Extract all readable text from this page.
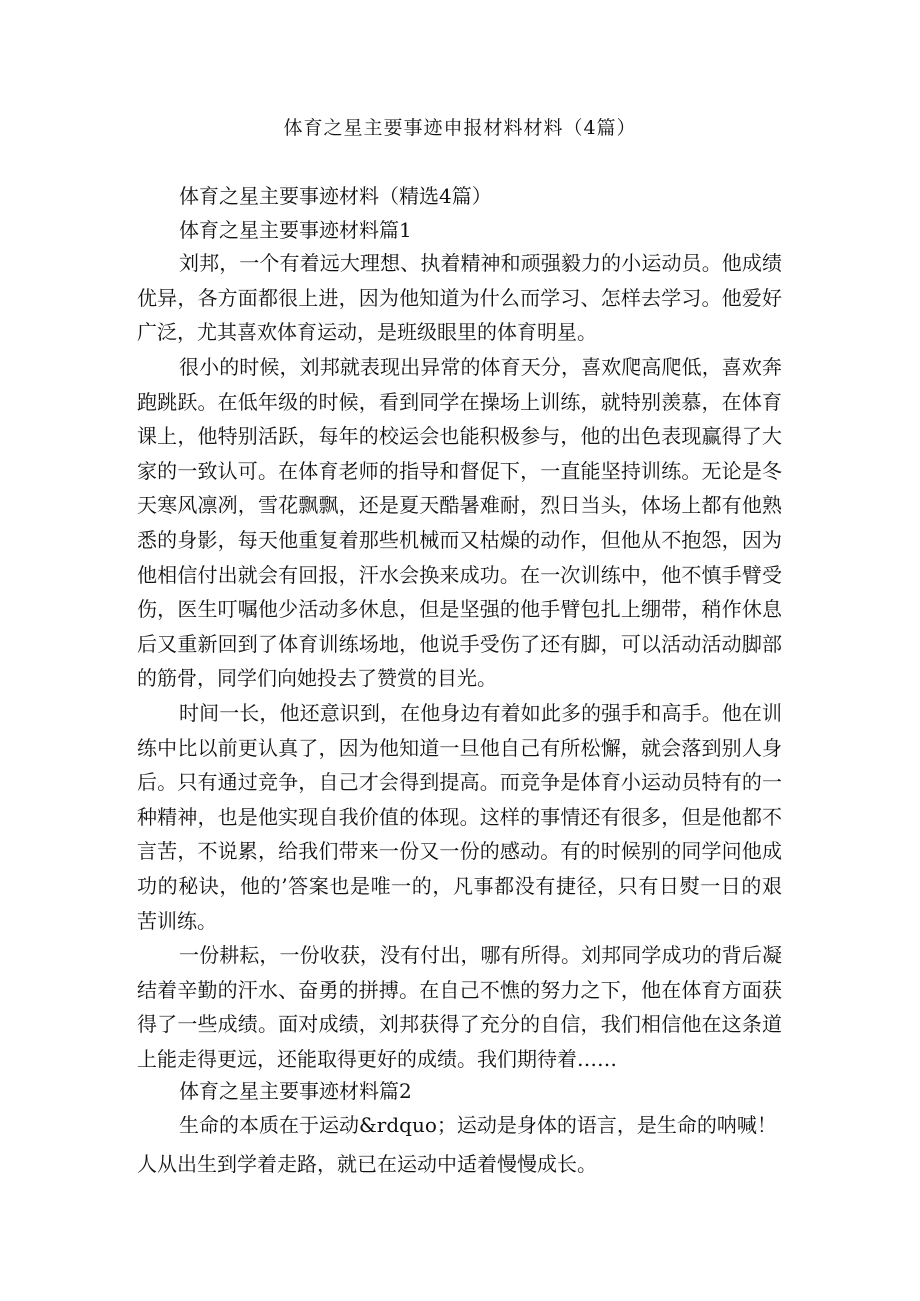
体育之星主要事迹申报材料材料（4篇）
体育之星主要事迹材料（精选4篇）
体育之星主要事迹材料篇1

刘邦，一个有着远大理想、执着精神和顽强毅力的小运动员。他成绩优异，各方面都很上进，因为他知道为什么而学习、怎样去学习。他爱好广泛，尤其喜欢体育运动，是班级眼里的体育明星。

很小的时候，刘邦就表现出异常的体育天分，喜欢爬高爬低，喜欢奔跑跳跃。在低年级的时候，看到同学在操场上训练，就特别羡慕，在体育课上，他特别活跃，每年的校运会也能积极参与，他的出色表现赢得了大家的一致认可。在体育老师的指导和督促下，一直能坚持训练。无论是冬天寒风凛冽，雪花飘飘，还是夏天酷暑难耐，烈日当头，体场上都有他熟悉的身影，每天他重复着那些机械而又枯燥的动作，但他从不抱怨，因为他相信付出就会有回报，汗水会换来成功。在一次训练中，他不慎手臂受伤，医生叮嘱他少活动多休息，但是坚强的他手臂包扎上绷带，稍作休息后又重新回到了体育训练场地，他说手受伤了还有脚，可以活动活动脚部的筋骨，同学们向她投去了赞赏的目光。

时间一长，他还意识到，在他身边有着如此多的强手和高手。他在训练中比以前更认真了，因为他知道一旦他自己有所松懈，就会落到别人身后。只有通过竞争，自己才会得到提高。而竞争是体育小运动员特有的一种精神，也是他实现自我价值的体现。这样的事情还有很多，但是他都不言苦，不说累，给我们带来一份又一份的感动。有的时候别的同学问他成功的秘诀，他的’答案也是唯一的，凡事都没有捷径，只有日熨一日的艰苦训练。

一份耕耘，一份收获，没有付出，哪有所得。刘邦同学成功的背后凝结着辛勤的汗水、奋勇的拼搏。在自己不憔的努力之下，他在体育方面获得了一些成绩。面对成绩，刘邦获得了充分的自信，我们相信他在这条道上能走得更远，还能取得更好的成绩。我们期待着……

体育之星主要事迹材料篇2
生命的本质在于运动&rdquo；运动是身体的语言，是生命的呐喊！
人从出生到学着走路，就已在运动中适着慢慢成长。
